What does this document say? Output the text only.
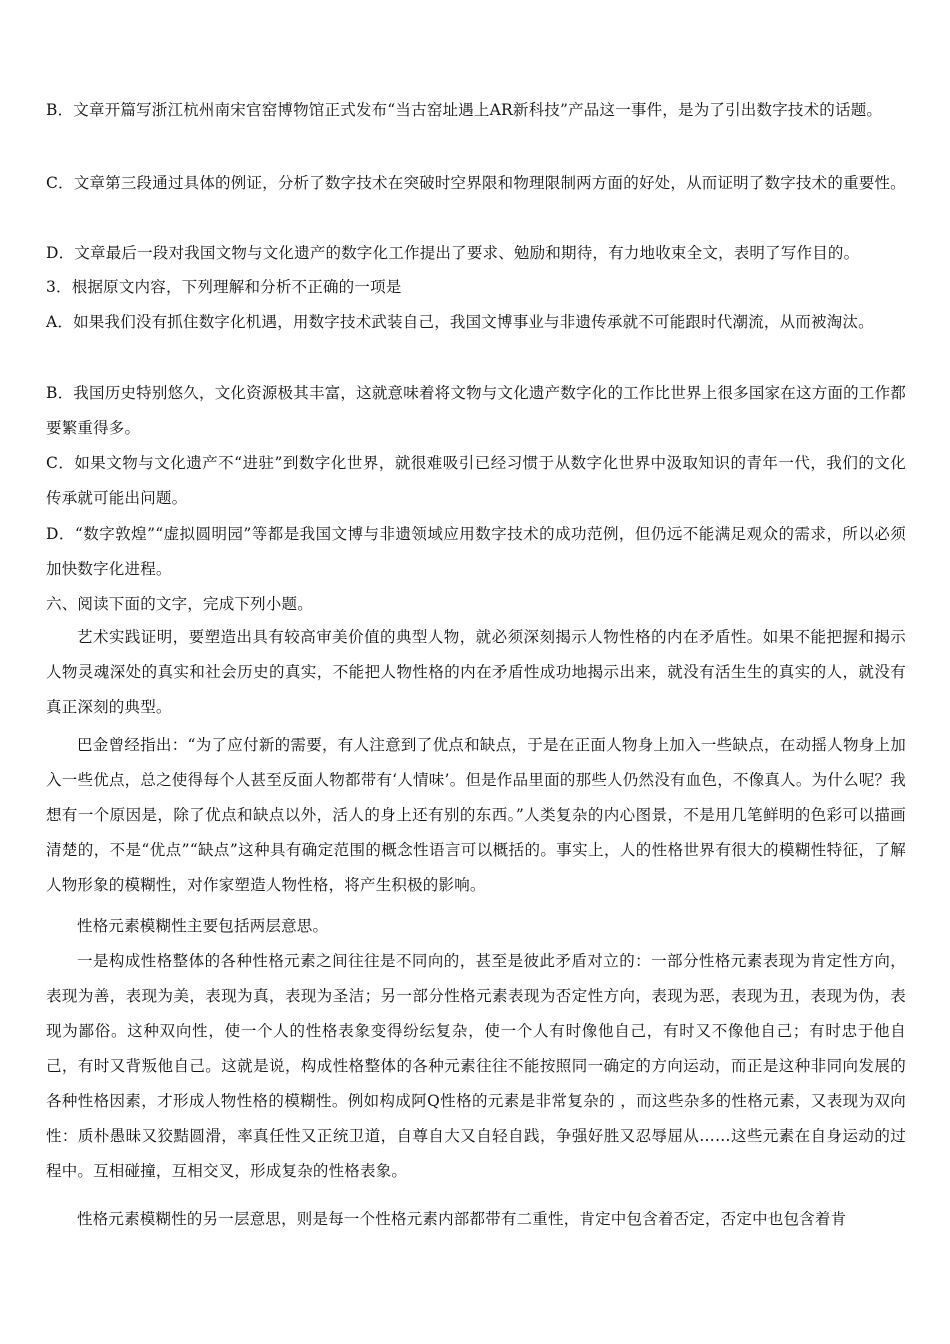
B．文章开篇写浙江杭州南宋官窑博物馆正式发布“当古窑址遇上AR新科技”产品这一事件，是为了引出数字技术的话题。

C．文章第三段通过具体的例证，分析了数字技术在突破时空界限和物理限制两方面的好处，从而证明了数字技术的重要性。

D．文章最后一段对我国文物与文化遗产的数字化工作提出了要求、勉励和期待，有力地收束全文，表明了写作目的。

3．根据原文内容，下列理解和分析不正确的一项是

A．如果我们没有抓住数字化机遇，用数字技术武装自己，我国文博事业与非遗传承就不可能跟时代潮流，从而被淘汰。

B．我国历史特别悠久，文化资源极其丰富，这就意味着将文物与文化遗产数字化的工作比世界上很多国家在这方面的工作都要繁重得多。

C．如果文物与文化遗产不“进驻”到数字化世界，就很难吸引已经习惯于从数字化世界中汲取知识的青年一代，我们的文化传承就可能出问题。

D．“数字敦煌”“虚拟圆明园”等都是我国文博与非遗领域应用数字技术的成功范例，但仍远不能满足观众的需求，所以必须加快数字化进程。

六、阅读下面的文字，完成下列小题。

艺术实践证明，要塑造出具有较高审美价值的典型人物，就必须深刻揭示人物性格的内在矛盾性。如果不能把握和揭示人物灵魂深处的真实和社会历史的真实，不能把人物性格的内在矛盾性成功地揭示出来，就没有活生生的真实的人，就没有真正深刻的典型。

巴金曾经指出：“为了应付新的需要，有人注意到了优点和缺点，于是在正面人物身上加入一些缺点，在动摇人物身上加入一些优点，总之使得每个人甚至反面人物都带有‘人情味’。但是作品里面的那些人仍然没有血色，不像真人。为什么呢？我想有一个原因是，除了优点和缺点以外，活人的身上还有别的东西。”人类复杂的内心图景，不是用几笔鲜明的色彩可以描画清楚的，不是“优点”“缺点”这种具有确定范围的概念性语言可以概括的。事实上，人的性格世界有很大的模糊性特征，了解人物形象的模糊性，对作家塑造人物性格，将产生积极的影响。

性格元素模糊性主要包括两层意思。

一是构成性格整体的各种性格元素之间往往是不同向的，甚至是彼此矛盾对立的：一部分性格元素表现为肯定性方向，表现为善，表现为美，表现为真，表现为圣洁；另一部分性格元素表现为否定性方向，表现为恶，表现为丑，表现为伪，表现为鄙俗。这种双向性，使一个人的性格表象变得纷纭复杂，使一个人有时像他自己，有时又不像他自己；有时忠于他自己，有时又背叛他自己。这就是说，构成性格整体的各种元素往往不能按照同一确定的方向运动，而正是这种非同向发展的各种性格因素，才形成人物性格的模糊性。例如构成阿Q性格的元素是非常复杂的 ，而这些杂多的性格元素，又表现为双向性：质朴愚昧又狡黠圆滑，率真任性又正统卫道，自尊自大又自轻自践，争强好胜又忍辱屈从……这些元素在自身运动的过程中。互相碰撞，互相交叉，形成复杂的性格表象。

性格元素模糊性的另一层意思，则是每一个性格元素内部都带有二重性，肯定中包含着否定，否定中也包含着肯
